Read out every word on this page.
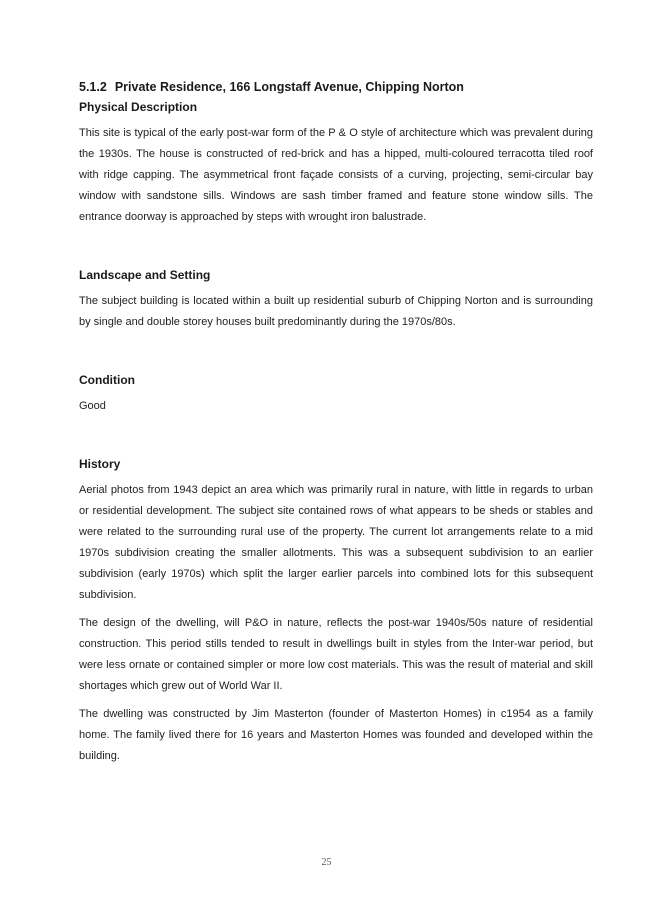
5.1.2 Private Residence, 166 Longstaff Avenue, Chipping Norton
Physical Description

This site is typical of the early post-war form of the P & O style of architecture which was prevalent during the 1930s. The house is constructed of red-brick and has a hipped, multi-coloured terracotta tiled roof with ridge capping. The asymmetrical front façade consists of a curving, projecting, semi-circular bay window with sandstone sills. Windows are sash timber framed and feature stone window sills. The entrance doorway is approached by steps with wrought iron balustrade.

Landscape and Setting

The subject building is located within a built up residential suburb of Chipping Norton and is surrounding by single and double storey houses built predominantly during the 1970s/80s.

Condition

Good

History

Aerial photos from 1943 depict an area which was primarily rural in nature, with little in regards to urban or residential development. The subject site contained rows of what appears to be sheds or stables and were related to the surrounding rural use of the property. The current lot arrangements relate to a mid 1970s subdivision creating the smaller allotments. This was a subsequent subdivision to an earlier subdivision (early 1970s) which split the larger earlier parcels into combined lots for this subsequent subdivision.

The design of the dwelling, will P&O in nature, reflects the post-war 1940s/50s nature of residential construction. This period stills tended to result in dwellings built in styles from the Inter-war period, but were less ornate or contained simpler or more low cost materials. This was the result of material and skill shortages which grew out of World War II.

The dwelling was constructed by Jim Masterton (founder of Masterton Homes) in c1954 as a family home. The family lived there for 16 years and Masterton Homes was founded and developed within the building.

25
